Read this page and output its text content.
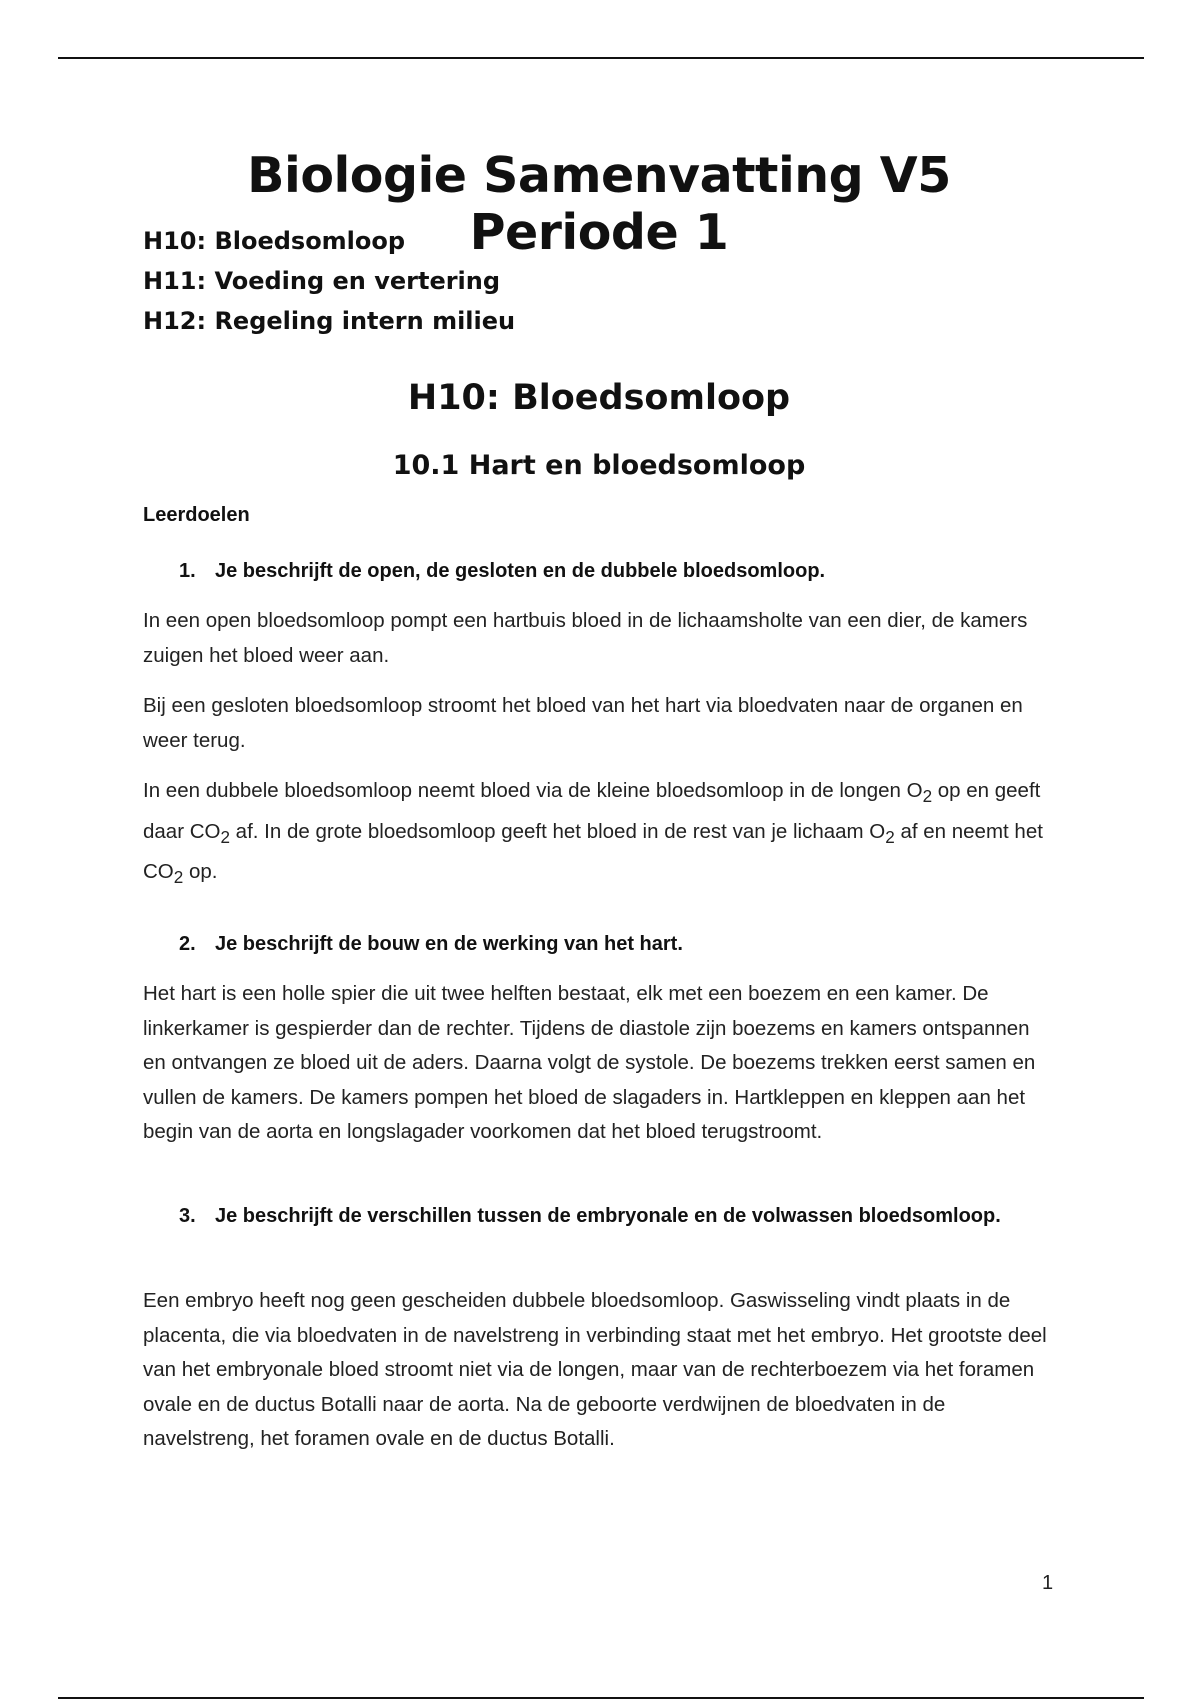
Biologie Samenvatting V5 Periode 1
H10: Bloedsomloop
H11: Voeding en vertering
H12: Regeling intern milieu
H10: Bloedsomloop
10.1 Hart en bloedsomloop

Leerdoelen

1. Je beschrijft de open, de gesloten en de dubbele bloedsomloop.

In een open bloedsomloop pompt een hartbuis bloed in de lichaamsholte van een dier, de kamers zuigen het bloed weer aan.

Bij een gesloten bloedsomloop stroomt het bloed van het hart via bloedvaten naar de organen en weer terug.

In een dubbele bloedsomloop neemt bloed via de kleine bloedsomloop in de longen $O_2$ op en geeft daar $CO_2$ af. In de grote bloedsomloop geeft het bloed in de rest van je lichaam $O_2$ af en neemt het $CO_2$ op.

2. Je beschrijft de bouw en de werking van het hart.

Het hart is een holle spier die uit twee helften bestaat, elk met een boezem en een kamer. De linkerkamer is gespierder dan de rechter. Tijdens de diastole zijn boezems en kamers ontspannen en ontvangen ze bloed uit de aders. Daarna volgt de systole. De boezems trekken eerst samen en vullen de kamers. De kamers pompen het bloed de slagaders in. Hartkleppen en kleppen aan het begin van de aorta en longslagader voorkomen dat het bloed terugstroomt.

3. Je beschrijft de verschillen tussen de embryonale en de volwassen bloedsomloop.

Een embryo heeft nog geen gescheiden dubbele bloedsomloop. Gaswisseling vindt plaats in de placenta, die via bloedvaten in de navelstreng in verbinding staat met het embryo. Het grootste deel van het embryonale bloed stroomt niet via de longen, maar van de rechterboezem via het foramen ovale en de ductus Botalli naar de aorta. Na de geboorte verdwijnen de bloedvaten in de navelstreng, het foramen ovale en de ductus Botalli.

1
